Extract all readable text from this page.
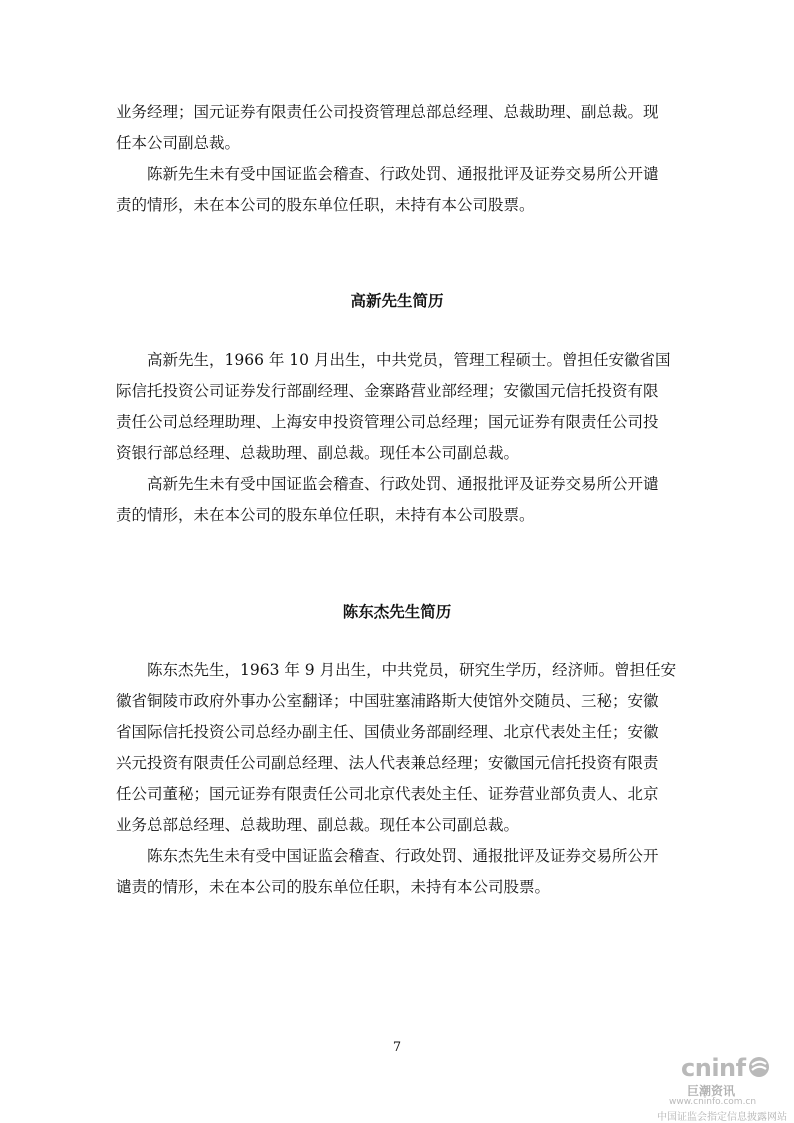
业务经理；国元证券有限责任公司投资管理总部总经理、总裁助理、副总裁。现
任本公司副总裁。
陈新先生未有受中国证监会稽查、行政处罚、通报批评及证券交易所公开谴
责的情形，未在本公司的股东单位任职，未持有本公司股票。
高新先生简历
高新先生，1966 年 10 月出生，中共党员，管理工程硕士。曾担任安徽省国
际信托投资公司证券发行部副经理、金寨路营业部经理；安徽国元信托投资有限
责任公司总经理助理、上海安申投资管理公司总经理；国元证券有限责任公司投
资银行部总经理、总裁助理、副总裁。现任本公司副总裁。
高新先生未有受中国证监会稽查、行政处罚、通报批评及证券交易所公开谴
责的情形，未在本公司的股东单位任职，未持有本公司股票。
陈东杰先生简历
陈东杰先生，1963 年 9 月出生，中共党员，研究生学历，经济师。曾担任安
徽省铜陵市政府外事办公室翻译；中国驻塞浦路斯大使馆外交随员、三秘；安徽
省国际信托投资公司总经办副主任、国债业务部副经理、北京代表处主任；安徽
兴元投资有限责任公司副总经理、法人代表兼总经理；安徽国元信托投资有限责
任公司董秘；国元证券有限责任公司北京代表处主任、证券营业部负责人、北京
业务总部总经理、总裁助理、副总裁。现任本公司副总裁。
陈东杰先生未有受中国证监会稽查、行政处罚、通报批评及证券交易所公开
谴责的情形，未在本公司的股东单位任职，未持有本公司股票。
7
cninf
巨潮资讯
www.cninfo.com.cn
中国证监会指定信息披露网站
